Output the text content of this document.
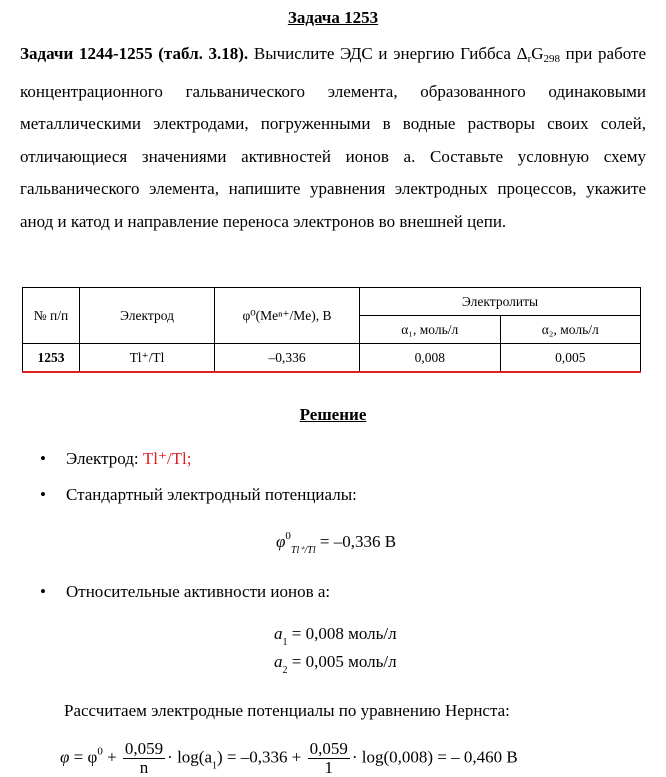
Задача 1253
Задачи 1244-1255 (табл. 3.18). Вычислите ЭДС и энергию Гиббса $\Delta_rG_{298}$ при работе концентрационного гальванического элемента, образованного одинаковыми металлическими электродами, погруженными в водные растворы своих солей, отличающиеся значениями активностей ионов a. Составьте условную схему гальванического элемента, напишите уравнения электродных процессов, укажите анод и катод и направление переноса электронов во внешней цепи.
№ п/п	Электрод	φ⁰(Meⁿ⁺/Me), В	Электролиты	
			α₁, моль/л	α₂, моль/л
1253	Tl⁺/Tl	–0,336	0,008	0,005
Решение
• Электрод: Tl⁺/Tl;
• Стандартный электродный потенциалы:
$\varphi^0_{Tl^+/Tl} = -0,336$ В
• Относительные активности ионов a:
$a_1 = 0,008$ моль/л
$a_2 = 0,005$ моль/л
Рассчитаем электродные потенциалы по уравнению Нернста:
$\varphi = \varphi^0 + \frac{0,059}{n} \cdot \log(a_1) = -0,336 + \frac{0,059}{1} \cdot \log(0,008)$ = – 0,460 В
